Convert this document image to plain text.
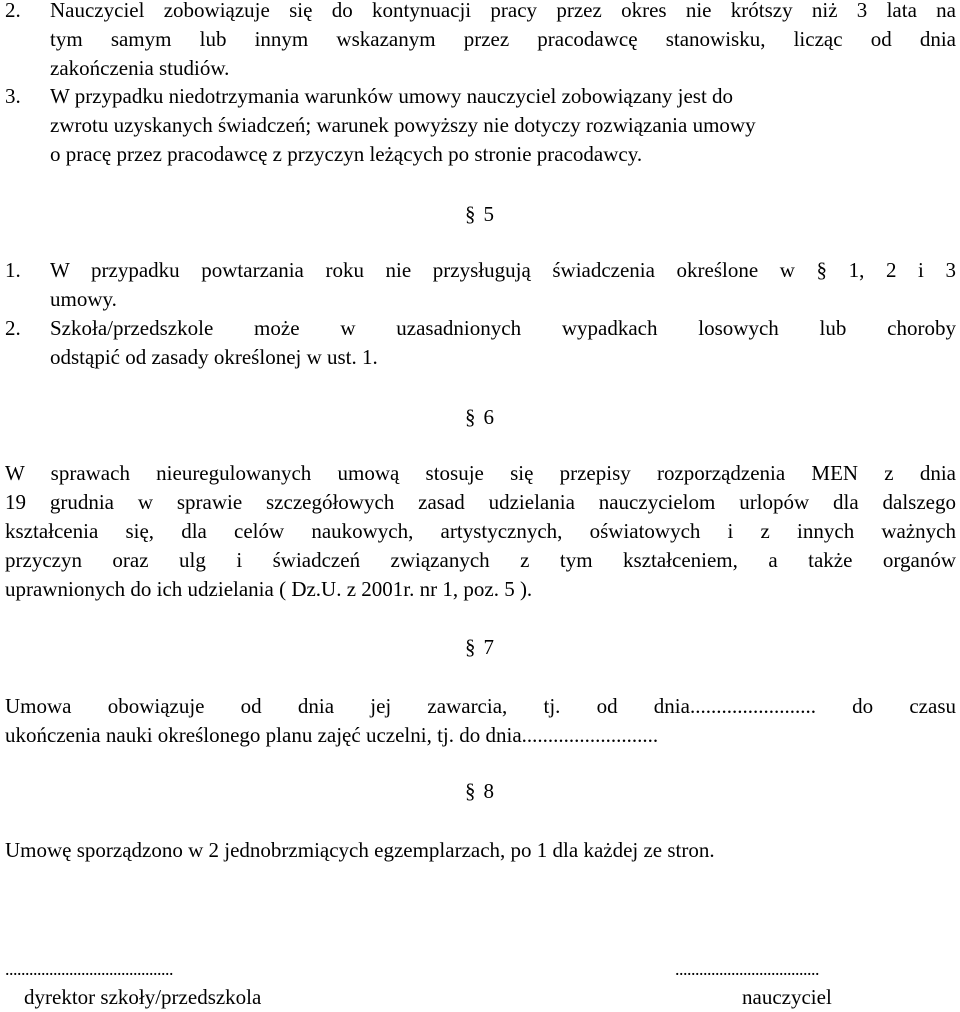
2. Nauczyciel zobowiązuje się do kontynuacji pracy przez okres nie krótszy niż 3 lata na
tym samym lub innym wskazanym przez pracodawcę stanowisku, licząc od dnia
zakończenia studiów.
3. W przypadku niedotrzymania warunków umowy nauczyciel zobowiązany jest do
zwrotu uzyskanych świadczeń; warunek powyższy nie dotyczy rozwiązania umowy
o pracę przez pracodawcę z przyczyn leżących po stronie pracodawcy.
§ 5
1. W przypadku powtarzania roku nie przysługują świadczenia określone w § 1, 2 i 3
umowy.
2. Szkoła/przedszkole może w uzasadnionych wypadkach losowych lub choroby
odstąpić od zasady określonej w ust. 1.
§ 6
W sprawach nieuregulowanych umową stosuje się przepisy rozporządzenia MEN z dnia
19 grudnia w sprawie szczegółowych zasad udzielania nauczycielom urlopów dla dalszego
kształcenia się, dla celów naukowych, artystycznych, oświatowych i z innych ważnych
przyczyn oraz ulg i świadczeń związanych z tym kształceniem, a także organów
uprawnionych do ich udzielania ( Dz.U. z 2001r. nr 1, poz. 5 ).
§ 7
Umowa obowiązuje od dnia jej zawarcia, tj. od dnia........................ do czasu
ukończenia nauki określonego planu zajęć uczelni, tj. do dnia..........................
§ 8
Umowę sporządzono w 2 jednobrzmiących egzemplarzach, po 1 dla każdej ze stron.
..........................................
dyrektor szkoły/przedszkola
....................................
nauczyciel
